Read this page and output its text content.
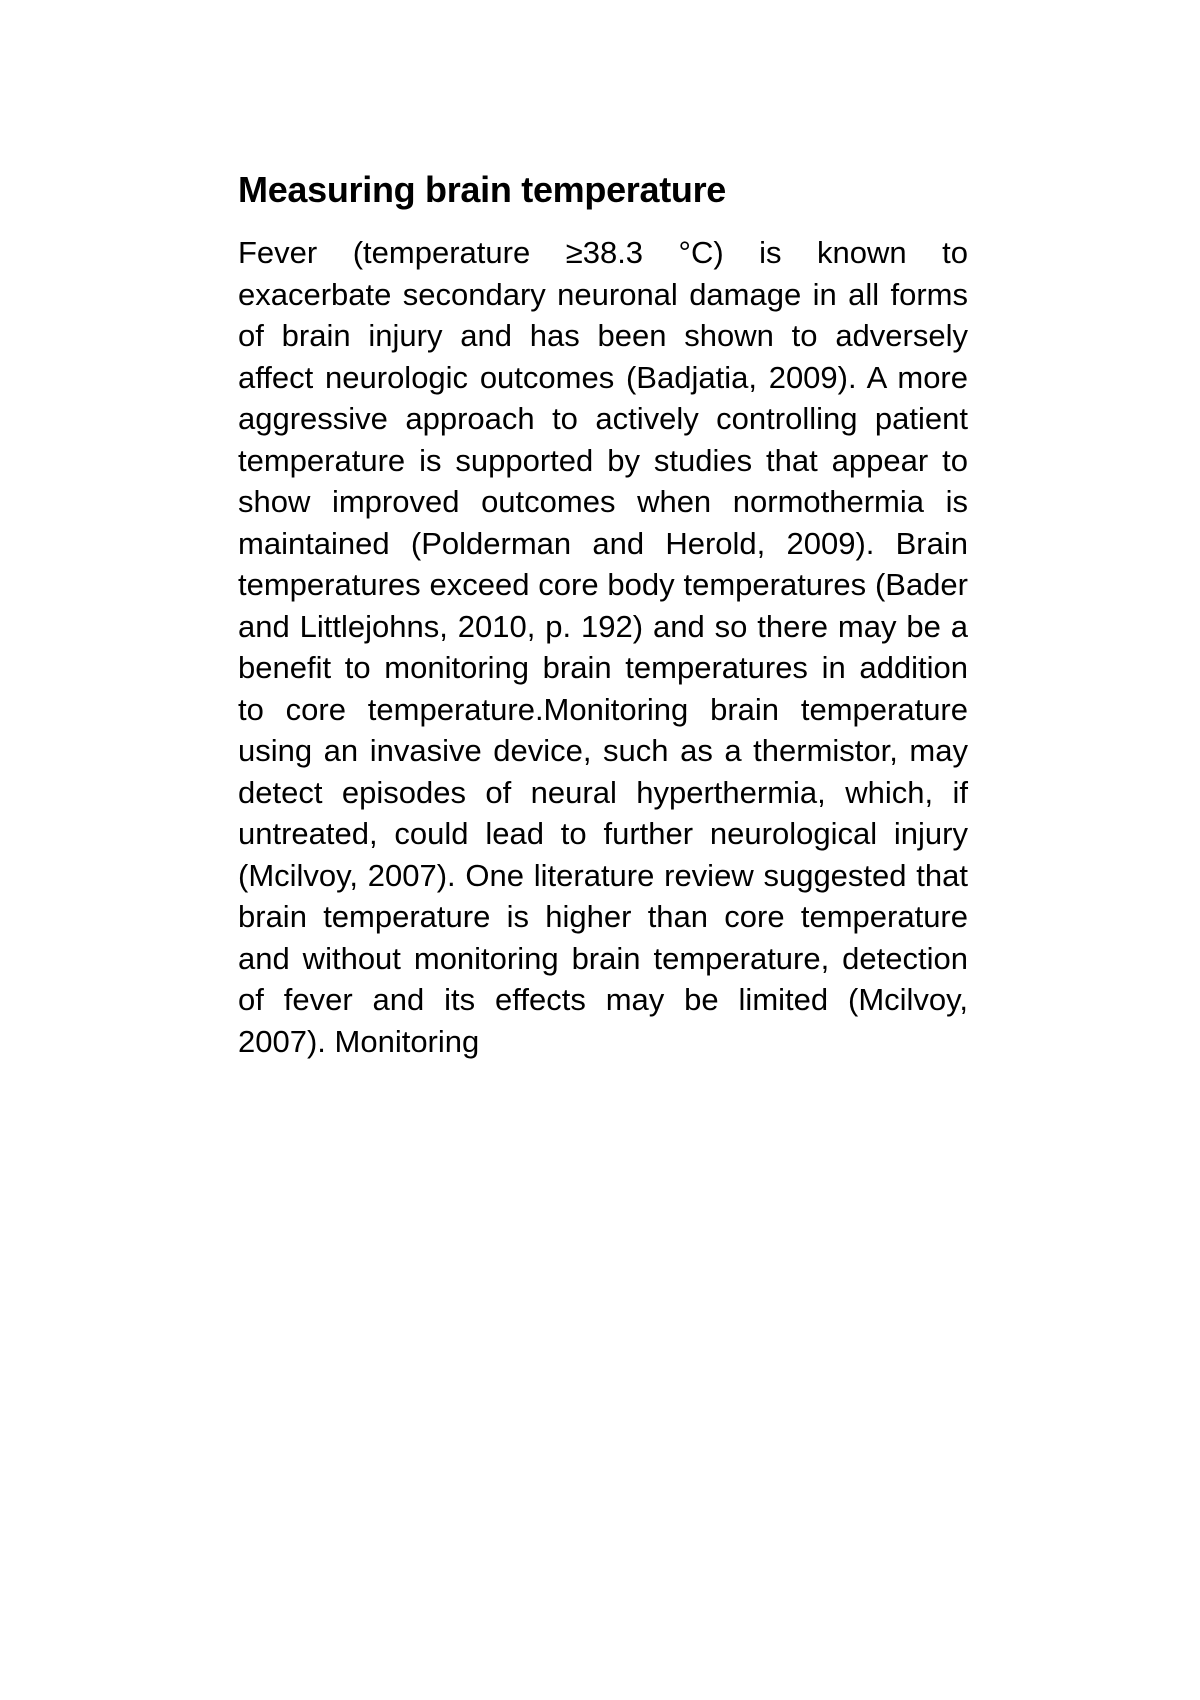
Measuring brain temperature

Fever (temperature ≥38.3 °C) is known to exacerbate secondary neuronal damage in all forms of brain injury and has been shown to adversely affect neurologic outcomes (Badjatia, 2009). A more aggressive approach to actively controlling patient temperature is supported by studies that appear to show improved outcomes when normothermia is maintained (Polderman and Herold, 2009). Brain temperatures exceed core body temperatures (Bader and Littlejohns, 2010, p. 192) and so there may be a benefit to monitoring brain temperatures in addition to core temperature.Monitoring brain temperature using an invasive device, such as a thermistor, may detect episodes of neural hyperthermia, which, if untreated, could lead to further neurological injury (Mcilvoy, 2007). One literature review suggested that brain temperature is higher than core temperature and without monitoring brain temperature, detection of fever and its effects may be limited (Mcilvoy, 2007). Monitoring
